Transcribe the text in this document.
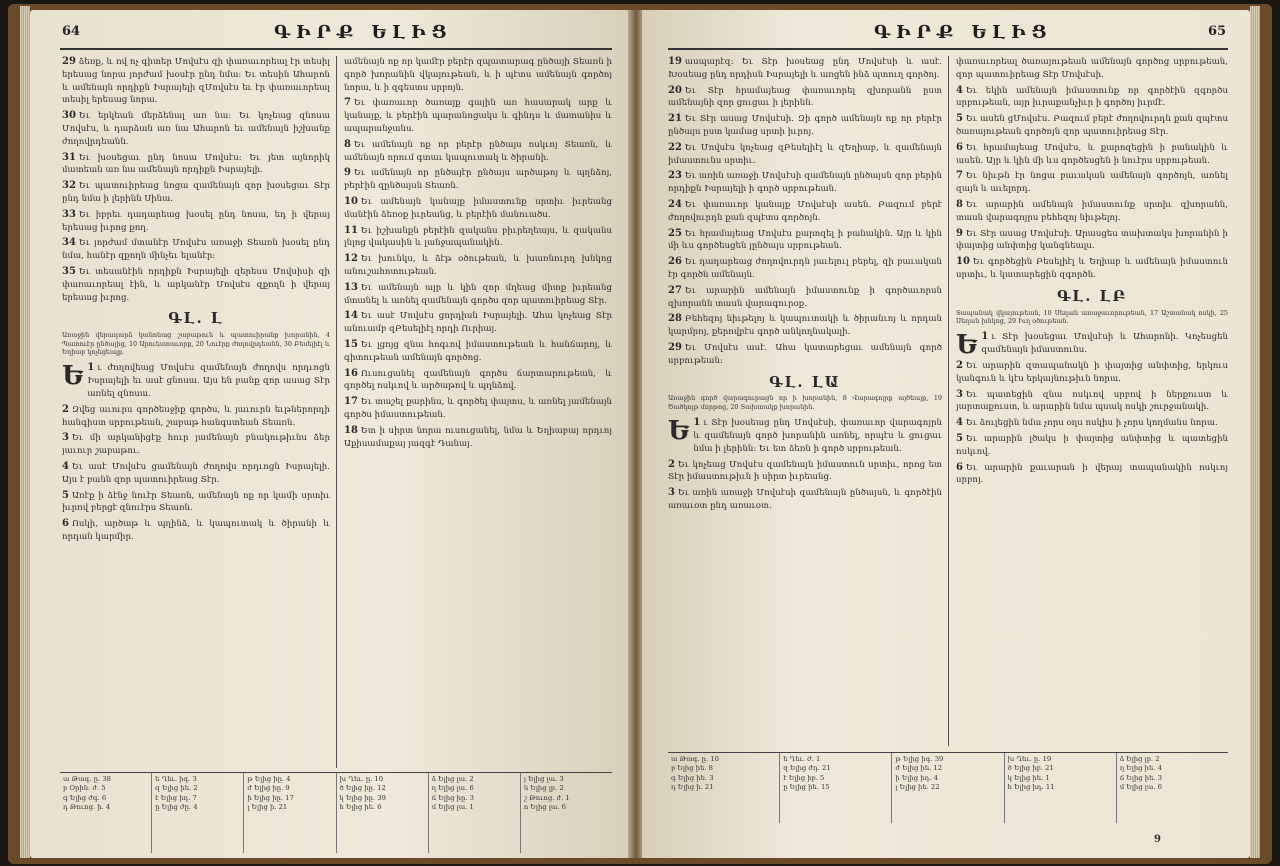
64	ԳԻՐՔ ԵԼԻՑ

29 ձեռք, և ով ոչ գիտեր Մովսէս զի փառաւորեալ էր տեսիլ երեսաց նորա յորժամ խօսէր ընդ նմա: Եւ տեսին Ահարոն և ամենայն որդիքն Իսրայելի զՄովսէս եւ էր փառաւորեալ տեսիլ երեսաց նորա.

30 Եւ երկեան մերձենալ առ նա: Եւ կոչեաց զնոսա Մովսէս, և դարձան առ նա Ահարոն եւ ամենայն իշխանք ժողովրդեանն.

31 Եւ խօսեցաւ ընդ նոսա Մովսէս: Եւ յետ այնորիկ մատեան առ նա ամենայն որդիքն Իսրայելի.

32 Եւ պատուիրեաց նոցա զամենայն զոր խօսեցաւ Տէր ընդ նմա ի լերինն Սինա.

33 Եւ իբրեւ դադարեաց խօսել ընդ նոսա, եդ ի վերայ երեսաց իւրոց քող.

34 Եւ յորժամ մտանէր Մովսէս առաջի Տեառն խօսել ընդ նմա, հանէր զքողն մինչեւ ելանէր:

35 Եւ տեսանէին որդիքն Իսրայելի զերեսս Մովսիսի զի փառաւորեալ էին, և արկանէր Մովսէս զքողն ի վերայ երեսաց իւրոց.

ԳԼ. Լ
Առաջին վերադարձ կանոնաց շաբաթուն և պատուիրանք խորանին, 4 Պատուէր ընծայից, 10 Արուեստաւորք, 20 Նուէրք ժողովրդեանն, 30 Բեսելիէլ և Եղիաբ կոչեցեալք.

Ե 1 ւ ժողովեաց Մովսէս զամենայն ժողովս որդւոցն Իսրայելի եւ ասէ ցնոսա. Այս են բանք զոր ասաց Տէր առնել զնոսա.

2 Զվեց աւուրս գործեսջիք գործս, և յաւուրն եւթներորդի հանգիստ սրբութեան, շաբաթ հանգստեան Տեառն.

3 Եւ մի արկանիցէք հուր յամենայն բնակութիւնս ձեր յաւուր շաբաթու.

4 Եւ ասէ Մովսէս ցամենայն ժողովս որդւոցն Իսրայելի. Այս է բանն զոր պատուիրեաց Տէր.

5 Առէք ի ձէնջ նուէր Տեառն, ամենայն ոք որ կամի սրտիւ իւրով բերցէ զնուէրս Տեառն.

6 Ոսկի, արծաթ և պղինձ, և կապուտակ և ծիրանի և որդան կարմիր.

ամենայն ոք որ կամէր բերէր զպատարագ ընծայի Տեառն ի գործ խորանին վկայութեան, և ի պէտս ամենայն գործոյ նորա, և ի զգեստս սրբոյն.

7 Եւ փառաւոր ծառայք գային առ հասարակ արք և կանայք, և բերէին պարանոցակս և գինդս և մատանիս և ապարանջանս.

8 Եւ ամենայն ոք որ բերէր ընծայս ոսկւոյ Տեառն, և ամենայն որում գտաւ կապուտակ և ծիրանի.

9 Եւ ամենայն որ ընծայէր ընծայս արծաթոյ և պղնձոյ, բերէին զընծայսն Տեառն.

10 Եւ ամենայն կանայք իմաստունք սրտիւ իւրեանց մանէին ձեռօք իւրեանց, և բերէին մանուածս.

11 Եւ իշխանքն բերէին զականս բիւրեղեայս, և զականս լնլոց վակասին և լանջապանակին.

12 Եւ խունկս, և ձէթ օծութեան, և խառնուրդ խնկոց անուշահոտութեան.

13 Եւ ամենայն այր և կին զոր մղեաց միտք իւրեանց մտանել և առնել զամենայն գործս զոր պատուիրեաց Տէր.

14 Եւ ասէ Մովսէս ցորդիսն Իսրայելի. Ահա կոչեաց Տէր անուամբ զԲեսելիէլ որդի Ուրիայ.

15 Եւ լցոյց զնա հոգւով իմաստութեան և հանճարոյ, և գիտութեան ամենայն գործոց.

16 Ուսուցանել զամենայն գործս ճարտարութեան, և գործել ոսկւով և արծաթով և պղնձով.

17 Եւ տաշել քարինս, և գործել փայտս, և առնել յամենայն գործս իմաստութեան.

18 Ետ ի սիրտ նորա ուսուցանել, նմա և Եղիաբայ որդւոյ Աքիսամաքայ յազգէ Դանայ.

ա Թագ. ը. 38
բ Օրին. ժ. 5
գ Ելից ժգ. 6
դ Թուոց. ի. 4
ե Ղեւ. իգ. 3
զ Ելից իե. 2
է Ելից իդ. 7
ը Ելից ժը. 4
թ Ելից իը. 4
ժ Ելից իը. 9
ի Ելից իը. 17
լ Ելից ի. 21
խ Ղեւ. ը. 10
ծ Ելից իը. 12
կ Ելից իը. 39
հ Ելից իե. 6
ձ Ելից լա. 2
ղ Ելից լա. 6
ճ Ելից իը. 3
մ Ելից լա. 1
յ Ելից լա. 3
ն Ելից լբ. 2
շ Թուոց. ժ. 1
ո Ելից լա. 6
ԳԻՐՔ ԵԼԻՑ	65

19 ասպարէզ։ Եւ Տէր խօսեաց ընդ Մովսէսի և ասէ. Խօսեաց ընդ որդիսն Իսրայելի և առցեն ինձ պտուղ գործոյ.

20 Եւ Տէր հրամայեաց փառաւորել զխորանն ըստ ամենայնի զոր ցուցաւ ի լերինն.

21 Եւ Տէր ասաց Մովսէսի. Զի գործ ամենայն ոք որ բերէր ընծայս ըստ կամաց սրտի իւրոյ.

22 Եւ Մովսէս կոչեաց զԲեսելիէլ և զԵղիաբ, և զամենայն իմաստունս սրտիւ.

23 Եւ առին առաջի Մովսէսի զամենայն ընծայսն զոր բերին որդիքն Իսրայելի ի գործ սրբութեան.

24 Եւ փառաւոր կանայք Մովսէսի ասեն. Բազում բերէ ժողովուրդն քան զպէտս գործոյն.

25 Եւ հրամայեաց Մովսէս քարոզել ի բանակին. Այր և կին մի ևս գործեսցեն յընծայս սրբութեան.

26 Եւ դադարեաց ժողովուրդն յաւելուլ բերել, զի բաւական էր գործն ամենայն.

27 Եւ արարին ամենայն իմաստունք ի գործաւորսն զխորանն տասն վարագուրօք.

28 Բեհեզոյ նիւթելոյ և կապուտակի և ծիրանւոյ և որդան կարմրոյ, քերովբէս գործ անկողնակալի.

29 Եւ Մովսէս ասէ. Ահա կատարեցաւ ամենայն գործ սրբութեան։

ԳԼ. ԼԱ
Առաջին գործ վարագուրացն որ ի խորանին, 8 Վարագոյրք այծեայք, 19 Ծածկոյթ մորթոց, 20 Տախտակք խորանին.

Ե 1 ւ Տէր խօսեաց ընդ Մովսէսի, փառաւոր վարագոյրն և զամենայն գործ խորանին առնել, որպէս և ցուցաւ նմա ի լերինն։ Եւ ետ ձեռն ի գործ սրբութեան.

2 Եւ կոչեաց Մովսէս զամենայն իմաստուն սրտիւ, որոց ետ Տէր իմաստութիւն ի սիրտ իւրեանց.

3 Եւ առին առաջի Մովսէսի զամենայն ընծայսն, և գործէին առաւօտ ընդ առաւօտ.

փառաւորեալ ծառայութեան ամենայն գործոց սրբութեան, զոր պատուիրեաց Տէր Մովսէսի.

4 Եւ եկին ամենայն իմաստունք որ գործէին զգործս սրբութեան, այր իւրաքանչիւր ի գործոյ իւրմէ.

5 Եւ ասեն ցՄովսէս. Բազում բերէ ժողովուրդն քան զպէտս ծառայութեան գործոյն զոր պատուիրեաց Տէր.

6 Եւ հրամայեաց Մովսէս, և քարոզեցին ի բանակին և ասեն. Այր և կին մի ևս գործեսցեն ի նուէրս սրբութեան.

7 Եւ նիւթն էր նոցա բաւական ամենայն գործոյն, առնել զայն և աւելորդ.

8 Եւ արարին ամենայն իմաստունք սրտիւ զխորանն, տասն վարագոյրս բեհեզոյ նիւթելոյ.

9 Եւ Տէր ասաց Մովսէսի. Արասցես տախտակս խորանին ի փայտից անփտից կանգնեալս.

10 Եւ գործեցին Բեսելիէլ և Եղիաբ և ամենայն իմաստուն սրտիւ, և կատարեցին զգործն.

ԳԼ. ԼԲ
Տապանակ վկայութեան, 10 Սեղան առաջաւորութեան, 17 Աշտանակ ոսկի, 25 Սեղան խնկոց, 29 Իւղ օծութեան.

Ե 1 ւ Տէր խօսեցաւ Մովսէսի և Ահարոնի. Կոչեսցեն զամենայն իմաստունս.

2 Եւ արարին զտապանակն ի փայտից անփտից, երկուս կանգուն և կէս երկայնութիւն նորա.

3 Եւ պատեցին զնա ոսկւով սրբով ի ներքուստ և յարտաքուստ, և արարին նմա պսակ ոսկի շուրջանակի.

4 Եւ ձուլեցին նմա չորս օղս ոսկիս ի չորս կողմանս նորա.

5 Եւ արարին լծակս ի փայտից անփտից և պատեցին ոսկւով.

6 Եւ արարին քաւարան ի վերայ տապանակին ոսկւոյ սրբոյ.

ա Թագ. ը. 10
բ Ելից իե. 8
գ Ելից իե. 3
դ Ելից ի. 21
ե Ղեւ. ժ. 1
զ Ելից ժդ. 21
է Ելից իբ. 5
ը Ելից իե. 15
թ Ելից իգ. 39
ժ Ելից իե. 12
ի Ելից իդ. 4
լ Ելից իե. 22
խ Ղեւ. ը. 19
ծ Ելից իբ. 21
կ Ելից իե. 1
հ Ելից իդ. 11
ձ Ելից լբ. 2
ղ Ելից իե. 4
ճ Ելից իե. 3
մ Ելից լա. 6
9
